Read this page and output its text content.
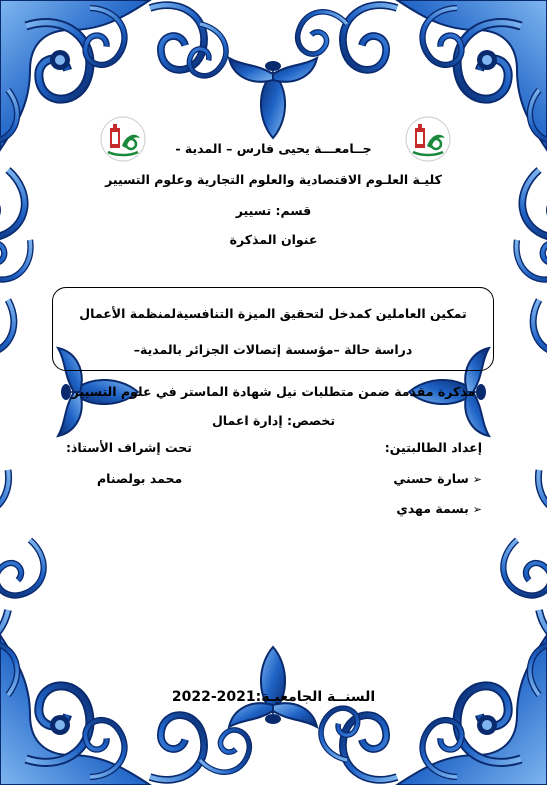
جــامعـــة يحيى فارس – المدية -
كليـة العلـوم الاقتصادية والعلوم التجارية وعلوم التسيير
قسم: تسيير
عنوان المذكرة
تمكين العاملين كمدخل لتحقيق الميزة التنافسيةلمنظمة الأعمال
دراسة حالة –مؤسسة إتصالات الجزائر بالمدية–
مذكرة مقدمة ضمن متطلبات نيل شهادة الماستر في علوم التسيير
تخصص: إدارة اعمال
إعداد الطالبتين:
➢سارة حسني
➢بسمة مهدي
تحت إشراف الأستاذ:
محمد بولصنام
السنــة الجامعيـة:2021-2022
